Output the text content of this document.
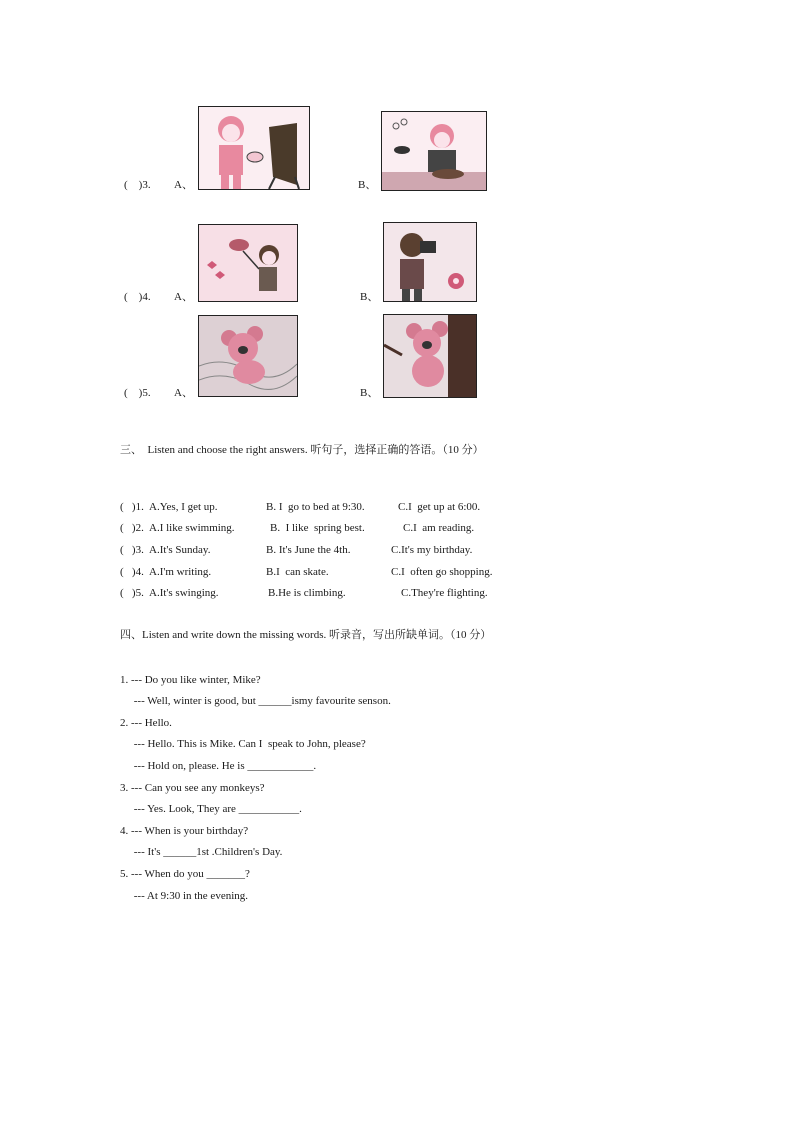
(    )3. A、	B、
(    )4. A、	B、
(    )5. A、	B、
三、  Listen and choose the right answers. 听句子，选择正确的答语。（10 分）
(   )1. A.Yes, I get up.	B. I  go to bed at 9:30.	C.I  get up at 6:00.
(   )2. A.I like swimming.	B.  I like  spring best.	C.I  am reading.
(   )3. A.It's Sunday.	B. It's June the 4th.	C.It's my birthday.
(   )4. A.I'm writing.	B.I  can skate.	C.I  often go shopping.
(   )5. A.It's swinging.	B.He is climbing.	C.They're flighting.
四、Listen and write down the missing words. 听录音，写出所缺单词。（10 分）
1. --- Do you like winter, Mike?
--- Well, winter is good, but ______ismy favourite senson.
2. --- Hello.
--- Hello. This is Mike. Can I  speak to John, please?
--- Hold on, please. He is ____________.
3. --- Can you see any monkeys?
--- Yes. Look, They are ___________.
4. --- When is your birthday?
--- It's ______1st .Children's Day.
5. --- When do you _______?
--- At 9:30 in the evening.
